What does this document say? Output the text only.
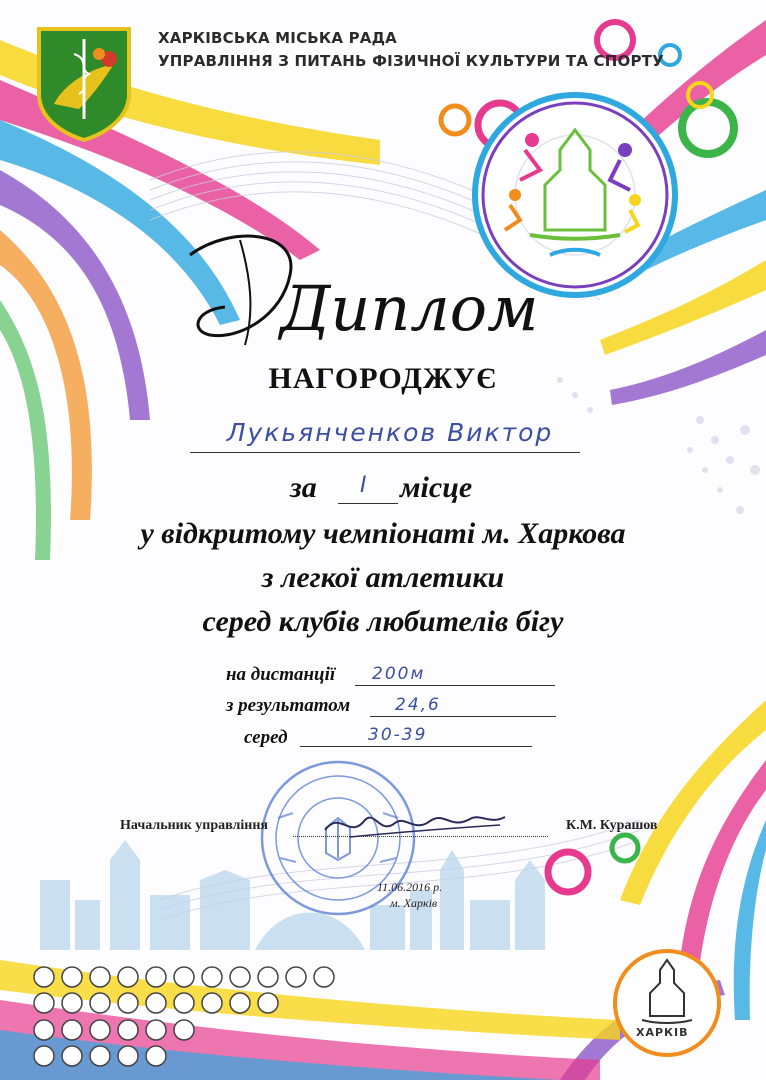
ХАРКІВСЬКА МІСЬКА РАДА
УПРАВЛІННЯ З ПИТАНЬ ФІЗИЧНОЇ КУЛЬТУРИ ТА СПОРТУ
Диплом
НАГОРОДЖУЄ
Лукьянченков Виктор
за I місце
у відкритому чемпіонаті м. Харкова
з легкої атлетики
серед клубів любителів бігу
на дистанції 200м
з результатом	24,6
серед	30-39
Начальник управління	К.М. Курашов
11.06.2016 р.
м. Харків
ХАРКІВ
